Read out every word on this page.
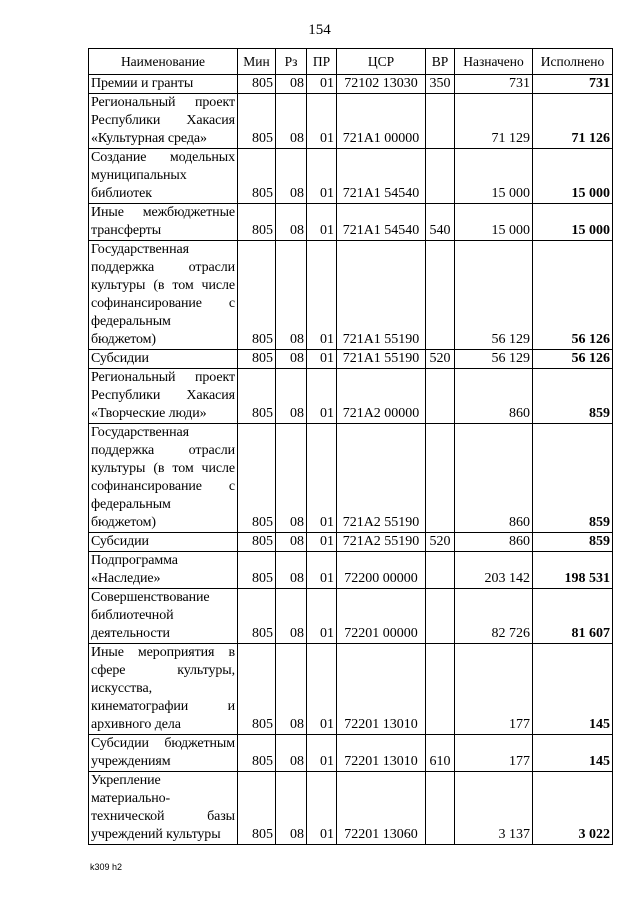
154
Наименование	Мин	Рз	ПР	ЦСР	ВР	Назначено	Исполнено
Премии и гранты	805	08	01	72102 13030	350	731	731
Региональный проект Республики Хакасия «Культурная среда»	805	08	01	721A1 00000		71 129	71 126
Создание модельных муниципальных библиотек	805	08	01	721A1 54540		15 000	15 000
Иные межбюджетные трансферты	805	08	01	721A1 54540	540	15 000	15 000
Государственная поддержка отрасли культуры (в том числе софинансирование с федеральным бюджетом)	805	08	01	721A1 55190		56 129	56 126
Субсидии	805	08	01	721A1 55190	520	56 129	56 126
Региональный проект Республики Хакасия «Творческие люди»	805	08	01	721A2 00000		860	859
Государственная поддержка отрасли культуры (в том числе софинансирование с федеральным бюджетом)	805	08	01	721A2 55190		860	859
Субсидии	805	08	01	721A2 55190	520	860	859
Подпрограмма «Наследие»	805	08	01	72200 00000		203 142	198 531
Совершенствование библиотечной деятельности	805	08	01	72201 00000		82 726	81 607
Иные мероприятия в сфере культуры, искусства, кинематографии и архивного дела	805	08	01	72201 13010		177	145
Субсидии бюджетным учреждениям	805	08	01	72201 13010	610	177	145
Укрепление материально-технической базы учреждений культуры	805	08	01	72201 13060		3 137	3 022
k309 h2
